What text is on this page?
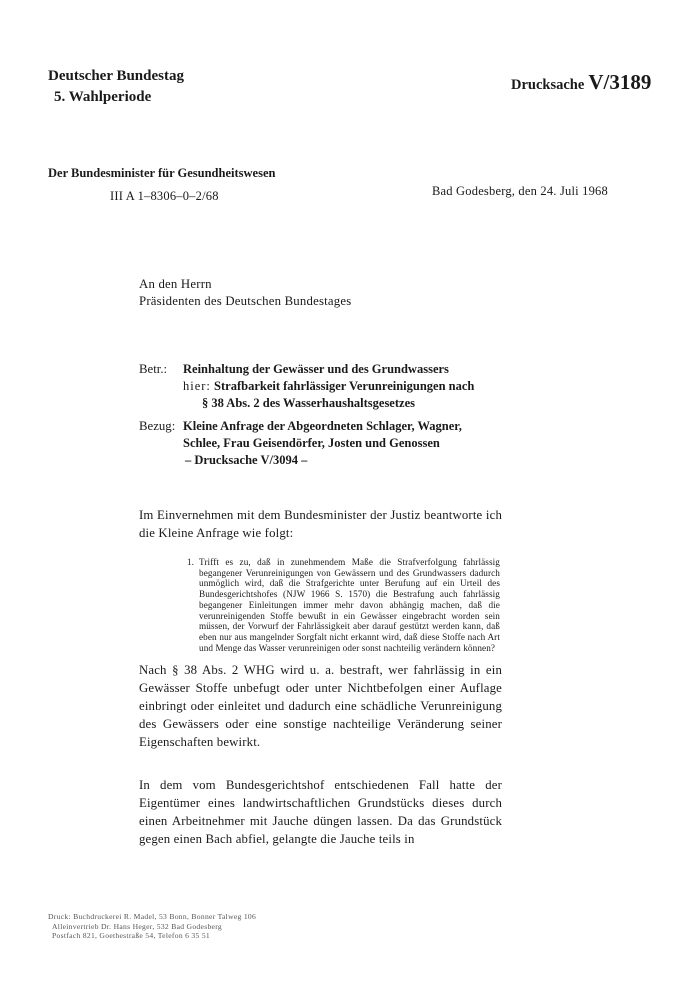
Deutscher Bundestag
5. Wahlperiode
Drucksache V/3189
Der Bundesminister für Gesundheitswesen
III A 1–8306–0–2/68	Bad Godesberg, den 24. Juli 1968
An den Herrn
Präsidenten des Deutschen Bundestages
Betr.: Reinhaltung der Gewässer und des Grundwassers
hier: Strafbarkeit fahrlässiger Verunreinigungen nach
§ 38 Abs. 2 des Wasserhaushaltsgesetzes
Bezug: Kleine Anfrage der Abgeordneten Schlager, Wagner,
Schlee, Frau Geisendörfer, Josten und Genossen
– Drucksache V/3094 –
Im Einvernehmen mit dem Bundesminister der Justiz beantworte ich die Kleine Anfrage wie folgt:
1. Trifft es zu, daß in zunehmendem Maße die Strafverfolgung fahrlässig begangener Verunreinigungen von Gewässern und des Grundwassers dadurch unmöglich wird, daß die Strafgerichte unter Berufung auf ein Urteil des Bundesgerichtshofes (NJW 1966 S. 1570) die Bestrafung auch fahrlässig begangener Einleitungen immer mehr davon abhängig machen, daß die verunreinigenden Stoffe bewußt in ein Gewässer eingebracht worden sein müssen, der Vorwurf der Fahrlässigkeit aber darauf gestützt werden kann, daß eben nur aus mangelnder Sorgfalt nicht erkannt wird, daß diese Stoffe nach Art und Menge das Wasser verunreinigen oder sonst nachteilig verändern können?
Nach § 38 Abs. 2 WHG wird u. a. bestraft, wer fahrlässig in ein Gewässer Stoffe unbefugt oder unter Nichtbefolgen einer Auflage einbringt oder einleitet und dadurch eine schädliche Verunreinigung des Gewässers oder eine sonstige nachteilige Veränderung seiner Eigenschaften bewirkt.
In dem vom Bundesgerichtshof entschiedenen Fall hatte der Eigentümer eines landwirtschaftlichen Grundstücks dieses durch einen Arbeitnehmer mit Jauche düngen lassen. Da das Grundstück gegen einen Bach abfiel, gelangte die Jauche teils in
Druck: Buchdruckerei R. Madel, 53 Bonn, Bonner Talweg 106
Alleinvertrieb Dr. Hans Heger, 532 Bad Godesberg
Postfach 821, Goethestraße 54, Telefon 6 35 51
